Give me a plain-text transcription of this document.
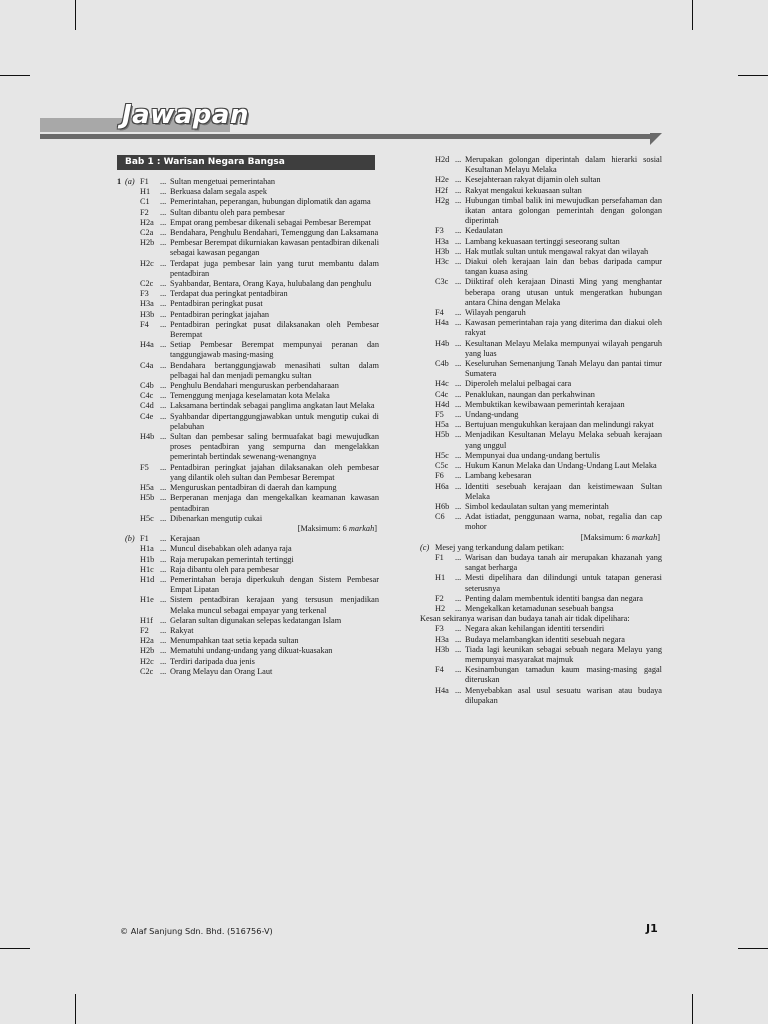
Jawapan
Bab 1 : Warisan Negara Bangsa
1 (a) F1	... Sultan mengetuai pemerintahan
H1	... Berkuasa dalam segala aspek
C1	... Pemerintahan, peperangan, hubungan diplomatik dan agama
F2	... Sultan dibantu oleh para pembesar
H2a ... Empat orang pembesar dikenali sebagai Pembesar Berempat
C2a ... Bendahara, Penghulu Bendahari, Temenggung dan Laksamana
H2b ... Pembesar Berempat dikurniakan kawasan pentadbiran dikenali sebagai kawasan pegangan
H2c ... Terdapat juga pembesar lain yang turut membantu dalam pentadbiran
C2c ... Syahbandar, Bentara, Orang Kaya, hulubalang dan penghulu
F3	... Terdapat dua peringkat pentadbiran
H3a ... Pentadbiran peringkat pusat
H3b ... Pentadbiran peringkat jajahan
F4	... Pentadbiran peringkat pusat dilaksanakan oleh Pembesar Berempat
H4a ... Setiap Pembesar Berempat mempunyai peranan dan tanggungjawab masing-masing
C4a ... Bendahara bertanggungjawab menasihati sultan dalam pelbagai hal dan menjadi pemangku sultan
C4b ... Penghulu Bendahari menguruskan perbendaharaan
C4c ... Temenggung menjaga keselamatan kota Melaka
C4d ... Laksamana bertindak sebagai panglima angkatan laut Melaka
C4e ... Syahbandar dipertanggungjawabkan untuk mengutip cukai di pelabuhan
H4b ... Sultan dan pembesar saling bermuafakat bagi mewujudkan proses pentadbiran yang sempurna dan mengelakkan pemerintah bertindak sewenang-wenangnya
F5	... Pentadbiran peringkat jajahan dilaksanakan oleh pembesar yang dilantik oleh sultan dan Pembesar Berempat
H5a ... Menguruskan pentadbiran di daerah dan kampung
H5b ... Berperanan menjaga dan mengekalkan keamanan kawasan pentadbiran
H5c ... Dibenarkan mengutip cukai
[Maksimum: 6 markah]
(b) F1	... Kerajaan
H1a ... Muncul disebabkan oleh adanya raja
H1b ... Raja merupakan pemerintah tertinggi
H1c ... Raja dibantu oleh para pembesar
H1d ... Pemerintahan beraja diperkukuh dengan Sistem Pembesar Empat Lipatan
H1e ... Sistem pentadbiran kerajaan yang tersusun menjadikan Melaka muncul sebagai empayar yang terkenal
H1f ... Gelaran sultan digunakan selepas kedatangan Islam
F2	... Rakyat
H2a ... Menumpahkan taat setia kepada sultan
H2b ... Mematuhi undang-undang yang dikuat-kuasakan
H2c ... Terdiri daripada dua jenis
C2c ... Orang Melayu dan Orang Laut
H2d ... Merupakan golongan diperintah dalam hierarki sosial Kesultanan Melayu Melaka
H2e ... Kesejahteraan rakyat dijamin oleh sultan
H2f ... Rakyat mengakui kekuasaan sultan
H2g ... Hubungan timbal balik ini mewujudkan persefahaman dan ikatan antara golongan pemerintah dengan golongan diperintah
F3	... Kedaulatan
H3a ... Lambang kekuasaan tertinggi seseorang sultan
H3b ... Hak mutlak sultan untuk mengawal rakyat dan wilayah
H3c ... Diakui oleh kerajaan lain dan bebas daripada campur tangan kuasa asing
C3c ... Diiktiraf oleh kerajaan Dinasti Ming yang menghantar beberapa orang utusan untuk mengeratkan hubungan antara China dengan Melaka
F4	... Wilayah pengaruh
H4a ... Kawasan pemerintahan raja yang diterima dan diakui oleh rakyat
H4b ... Kesultanan Melayu Melaka mempunyai wilayah pengaruh yang luas
C4b ... Keseluruhan Semenanjung Tanah Melayu dan pantai timur Sumatera
H4c ... Diperoleh melalui pelbagai cara
C4c ... Penaklukan, naungan dan perkahwinan
H4d ... Membuktikan kewibawaan pemerintah kerajaan
F5	... Undang-undang
H5a ... Bertujuan mengukuhkan kerajaan dan melindungi rakyat
H5b ... Menjadikan Kesultanan Melayu Melaka sebuah kerajaan yang unggul
H5c ... Mempunyai dua undang-undang bertulis
C5c ... Hukum Kanun Melaka dan Undang-Undang Laut Melaka
F6	... Lambang kebesaran
H6a ... Identiti sesebuah kerajaan dan keistimewaan Sultan Melaka
H6b ... Simbol kedaulatan sultan yang memerintah
C6	... Adat istiadat, penggunaan warna, nobat, regalia dan cap mohor
[Maksimum: 6 markah]
(c) Mesej yang terkandung dalam petikan:
F1	... Warisan dan budaya tanah air merupakan khazanah yang sangat berharga
H1	... Mesti dipelihara dan dilindungi untuk tatapan generasi seterusnya
F2	... Penting dalam membentuk identiti bangsa dan negara
H2	... Mengekalkan ketamadunan sesebuah bangsa
Kesan sekiranya warisan dan budaya tanah air tidak dipelihara:
F3	... Negara akan kehilangan identiti tersendiri
H3a ... Budaya melambangkan identiti sesebuah negara
H3b ... Tiada lagi keunikan sebagai sebuah negara Melayu yang mempunyai masyarakat majmuk
F4	... Kesinambungan tamadun kaum masing-masing gagal diteruskan
H4a ... Menyebabkan asal usul sesuatu warisan atau budaya dilupakan
© Alaf Sanjung Sdn. Bhd. (516756-V)	J1
